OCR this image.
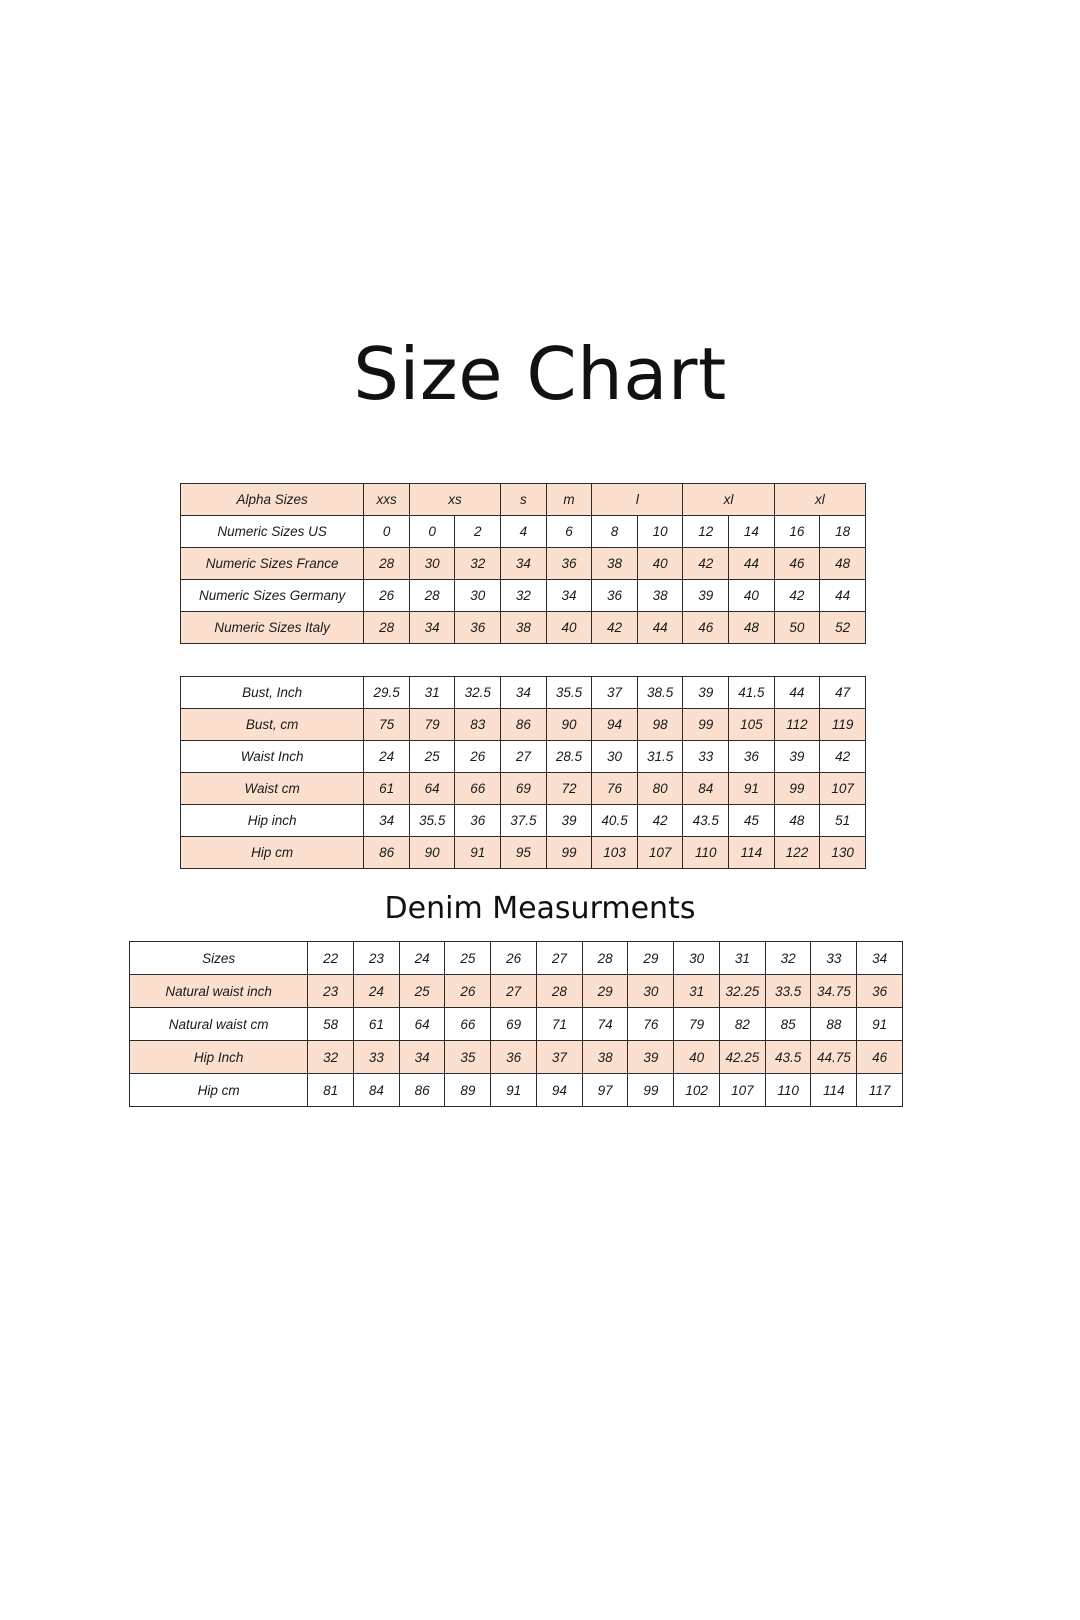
Size Chart
Alpha Sizes	xxs	xs		s	m	l		xl		xl	
Numeric Sizes US	0	0	2	4	6	8	10	12	14	16	18
Numeric Sizes France	28	30	32	34	36	38	40	42	44	46	48
Numeric Sizes Germany	26	28	30	32	34	36	38	39	40	42	44
Numeric Sizes Italy	28	34	36	38	40	42	44	46	48	50	52
Bust, Inch	29.5	31	32.5	34	35.5	37	38.5	39	41.5	44	47
Bust, cm	75	79	83	86	90	94	98	99	105	112	119
Waist Inch	24	25	26	27	28.5	30	31.5	33	36	39	42
Waist cm	61	64	66	69	72	76	80	84	91	99	107
Hip inch	34	35.5	36	37.5	39	40.5	42	43.5	45	48	51
Hip cm	86	90	91	95	99	103	107	110	114	122	130
Denim Measurments
Sizes	22	23	24	25	26	27	28	29	30	31	32	33	34
Natural waist inch	23	24	25	26	27	28	29	30	31	32.25	33.5	34.75	36
Natural waist cm	58	61	64	66	69	71	74	76	79	82	85	88	91
Hip Inch	32	33	34	35	36	37	38	39	40	42.25	43.5	44.75	46
Hip cm	81	84	86	89	91	94	97	99	102	107	110	114	117
